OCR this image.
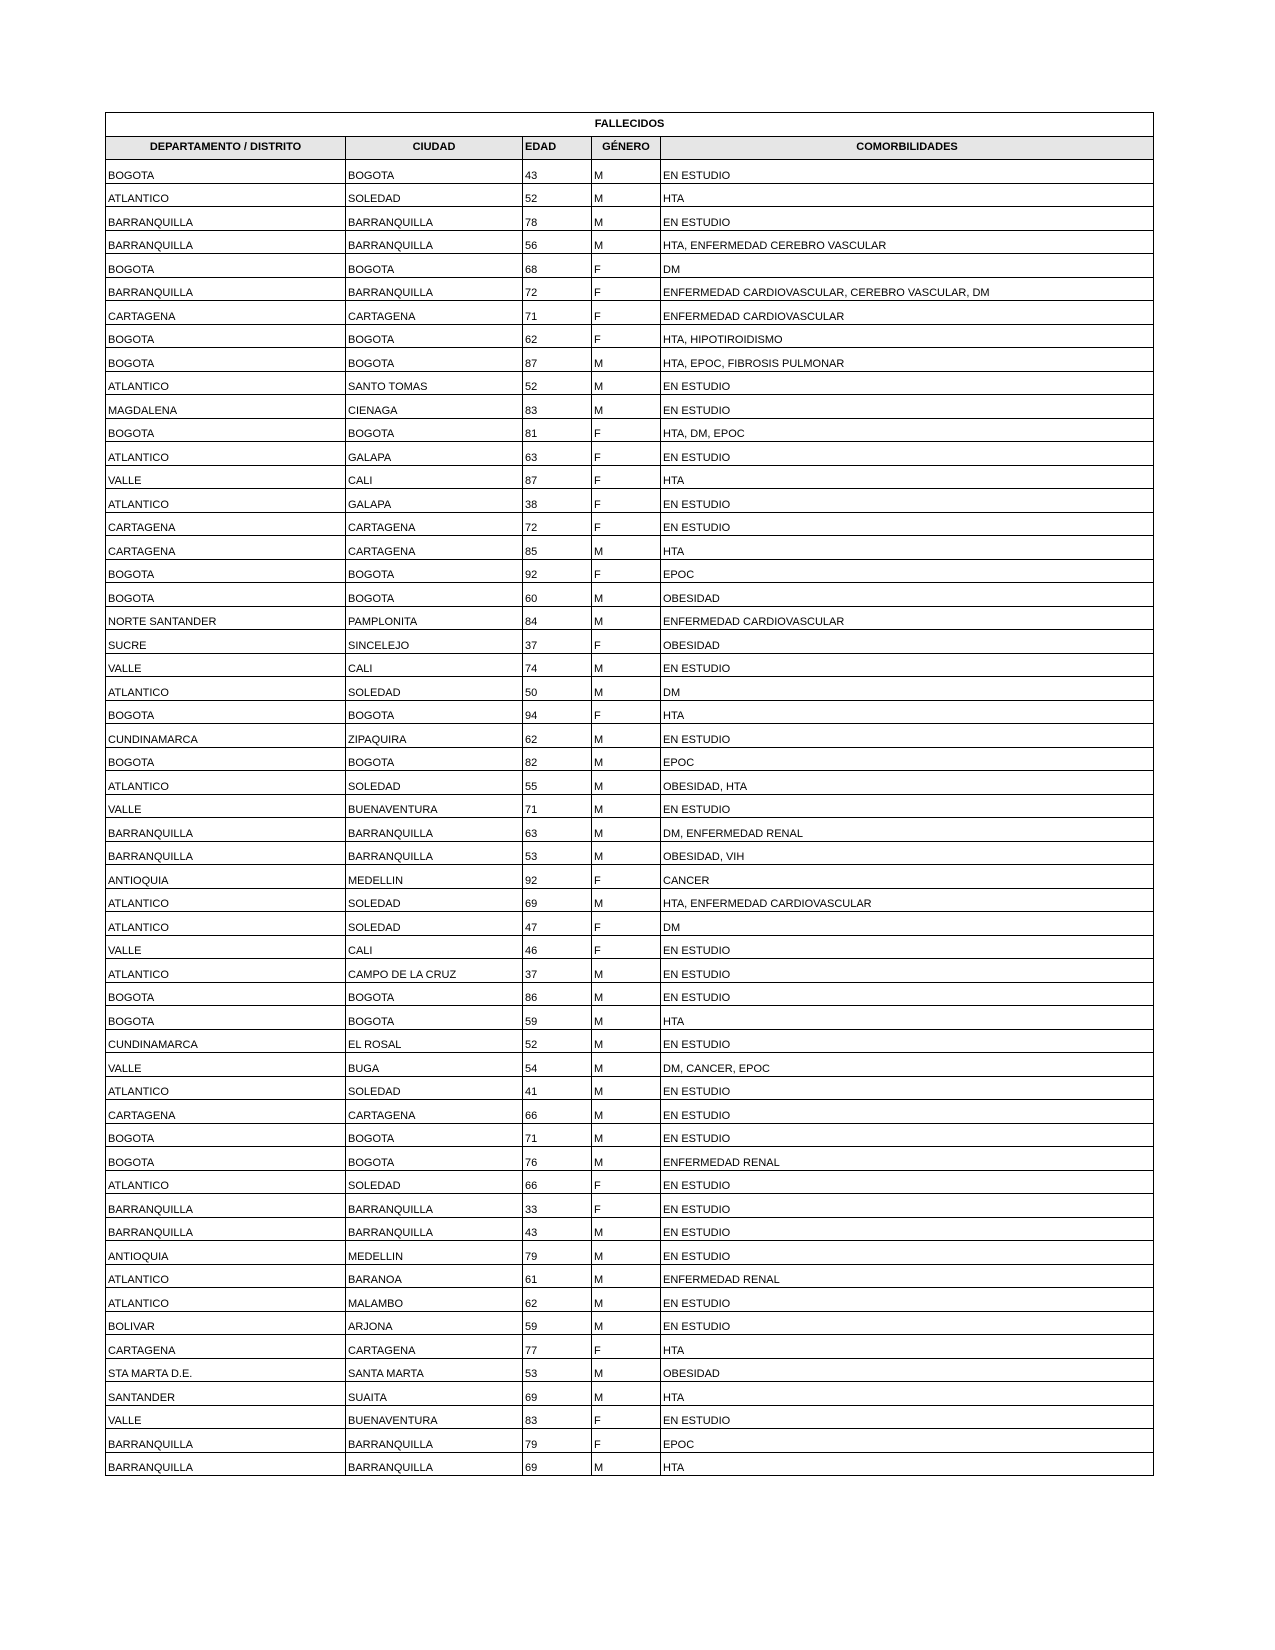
FALLECIDOS				
DEPARTAMENTO / DISTRITO	CIUDAD	EDAD	GÉNERO	COMORBILIDADES
BOGOTA	BOGOTA	43	M	EN ESTUDIO
ATLANTICO	SOLEDAD	52	M	HTA
BARRANQUILLA	BARRANQUILLA	78	M	EN ESTUDIO
BARRANQUILLA	BARRANQUILLA	56	M	HTA, ENFERMEDAD CEREBRO VASCULAR
BOGOTA	BOGOTA	68	F	DM
BARRANQUILLA	BARRANQUILLA	72	F	ENFERMEDAD CARDIOVASCULAR, CEREBRO VASCULAR, DM
CARTAGENA	CARTAGENA	71	F	ENFERMEDAD CARDIOVASCULAR
BOGOTA	BOGOTA	62	F	HTA, HIPOTIROIDISMO
BOGOTA	BOGOTA	87	M	HTA, EPOC, FIBROSIS PULMONAR
ATLANTICO	SANTO TOMAS	52	M	EN ESTUDIO
MAGDALENA	CIENAGA	83	M	EN ESTUDIO
BOGOTA	BOGOTA	81	F	HTA, DM, EPOC
ATLANTICO	GALAPA	63	F	EN ESTUDIO
VALLE	CALI	87	F	HTA
ATLANTICO	GALAPA	38	F	EN ESTUDIO
CARTAGENA	CARTAGENA	72	F	EN ESTUDIO
CARTAGENA	CARTAGENA	85	M	HTA
BOGOTA	BOGOTA	92	F	EPOC
BOGOTA	BOGOTA	60	M	OBESIDAD
NORTE SANTANDER	PAMPLONITA	84	M	ENFERMEDAD CARDIOVASCULAR
SUCRE	SINCELEJO	37	F	OBESIDAD
VALLE	CALI	74	M	EN ESTUDIO
ATLANTICO	SOLEDAD	50	M	DM
BOGOTA	BOGOTA	94	F	HTA
CUNDINAMARCA	ZIPAQUIRA	62	M	EN ESTUDIO
BOGOTA	BOGOTA	82	M	EPOC
ATLANTICO	SOLEDAD	55	M	OBESIDAD, HTA
VALLE	BUENAVENTURA	71	M	EN ESTUDIO
BARRANQUILLA	BARRANQUILLA	63	M	DM, ENFERMEDAD RENAL
BARRANQUILLA	BARRANQUILLA	53	M	OBESIDAD, VIH
ANTIOQUIA	MEDELLIN	92	F	CANCER
ATLANTICO	SOLEDAD	69	M	HTA, ENFERMEDAD CARDIOVASCULAR
ATLANTICO	SOLEDAD	47	F	DM
VALLE	CALI	46	F	EN ESTUDIO
ATLANTICO	CAMPO DE LA CRUZ	37	M	EN ESTUDIO
BOGOTA	BOGOTA	86	M	EN ESTUDIO
BOGOTA	BOGOTA	59	M	HTA
CUNDINAMARCA	EL ROSAL	52	M	EN ESTUDIO
VALLE	BUGA	54	M	DM, CANCER, EPOC
ATLANTICO	SOLEDAD	41	M	EN ESTUDIO
CARTAGENA	CARTAGENA	66	M	EN ESTUDIO
BOGOTA	BOGOTA	71	M	EN ESTUDIO
BOGOTA	BOGOTA	76	M	ENFERMEDAD RENAL
ATLANTICO	SOLEDAD	66	F	EN ESTUDIO
BARRANQUILLA	BARRANQUILLA	33	F	EN ESTUDIO
BARRANQUILLA	BARRANQUILLA	43	M	EN ESTUDIO
ANTIOQUIA	MEDELLIN	79	M	EN ESTUDIO
ATLANTICO	BARANOA	61	M	ENFERMEDAD RENAL
ATLANTICO	MALAMBO	62	M	EN ESTUDIO
BOLIVAR	ARJONA	59	M	EN ESTUDIO
CARTAGENA	CARTAGENA	77	F	HTA
STA MARTA D.E.	SANTA MARTA	53	M	OBESIDAD
SANTANDER	SUAITA	69	M	HTA
VALLE	BUENAVENTURA	83	F	EN ESTUDIO
BARRANQUILLA	BARRANQUILLA	79	F	EPOC
BARRANQUILLA	BARRANQUILLA	69	M	HTA
